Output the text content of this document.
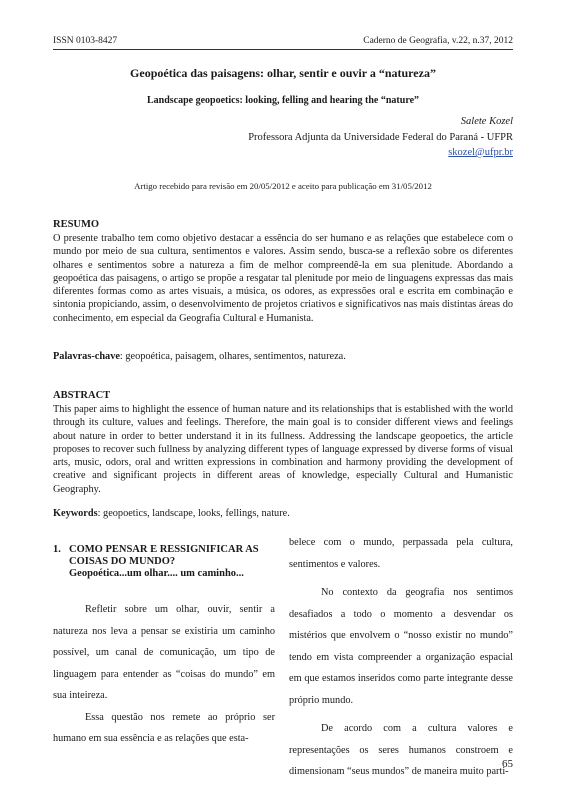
ISSN 0103-8427	Caderno de Geografia, v.22, n.37, 2012
Geopoética das paisagens: olhar, sentir e ouvir a “natureza”
Landscape geopoetics: looking, felling and hearing the “nature”
Salete Kozel
Professora Adjunta da Universidade Federal do Paraná - UFPR
skozel@ufpr.br
Artigo recebido para revisão em 20/05/2012 e aceito para publicação em 31/05/2012
RESUMO
O presente trabalho tem como objetivo destacar a essência do ser humano e as relações que estabelece com o mundo por meio de sua cultura, sentimentos e valores. Assim sendo, busca-se a reflexão sobre os diferentes olhares e sentimentos sobre a natureza a fim de melhor compreendê-la em sua plenitude. Abordando a geopoética das paisagens, o artigo se propõe a resgatar tal plenitude por meio de linguagens expressas das mais diferentes formas como as artes visuais, a música, os odores, as expressões oral e escrita em combinação e sintonia propiciando, assim, o desenvolvimento de projetos criativos e significativos nas mais distintas áreas do conhecimento, em especial da Geografia Cultural e Humanista.
Palavras-chave: geopoética, paisagem, olhares, sentimentos, natureza.
ABSTRACT
This paper aims to highlight the essence of human nature and its relationships that is established with the world through its culture, values and feelings. Therefore, the main goal is to consider different views and feelings about nature in order to better understand it in its fullness. Addressing the landscape geopoetics, the article proposes to recover such fullness by analyzing different types of language expressed by diverse forms of visual arts, music, odors, oral and written expressions in combination and harmony providing the development of creative and significant projects in different areas of knowledge, especially Cultural and Humanistic Geography.
Keywords: geopoetics, landscape, looks, fellings, nature.
1. COMO PENSAR E RESSIGNIFICAR AS COISAS DO MUNDO?
Geopoética...um olhar.... um caminho...
Refletir sobre um olhar, ouvir, sentir a natureza nos leva a pensar se existiria um caminho possível, um canal de comunicação, um tipo de linguagem para entender as “coisas do mundo” em sua inteireza.
Essa questão nos remete ao próprio ser humano em sua essência e as relações que esta-
belece com o mundo, perpassada pela cultura, sentimentos e valores.
No contexto da geografia nos sentimos desafiados a todo o momento a desvendar os mistérios que envolvem o “nosso existir no mundo” tendo em vista compreender a organização espacial em que estamos inseridos como parte integrante desse próprio mundo.
De acordo com a cultura valores e representações os seres humanos constroem e dimensionam “seus mundos” de maneira muito parti-
65
